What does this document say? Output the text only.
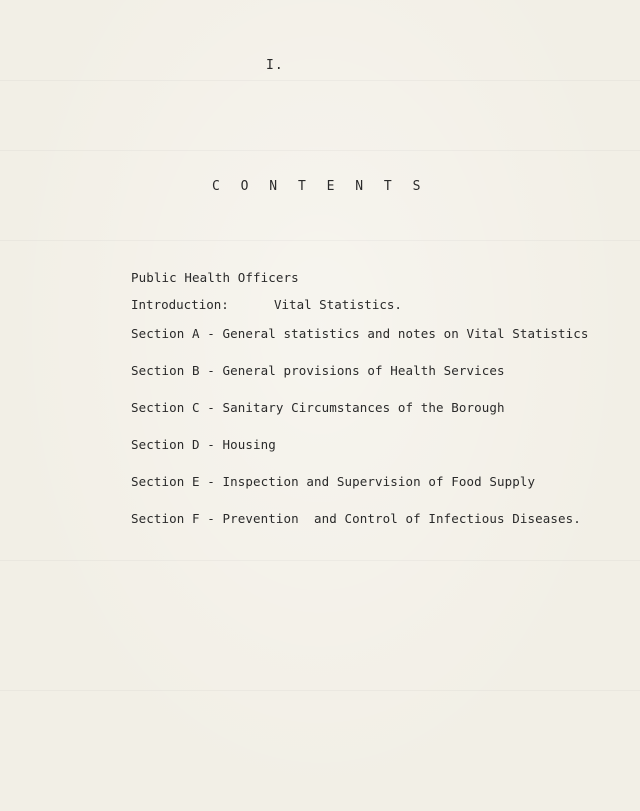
I.
C O N T E N T S
Public Health Officers
Introduction:	Vital Statistics.
Section A - General statistics and notes on Vital Statistics
Section B - General provisions of Health Services
Section C - Sanitary Circumstances of the Borough
Section D - Housing
Section E - Inspection and Supervision of Food Supply
Section F - Prevention  and Control of Infectious Diseases.
